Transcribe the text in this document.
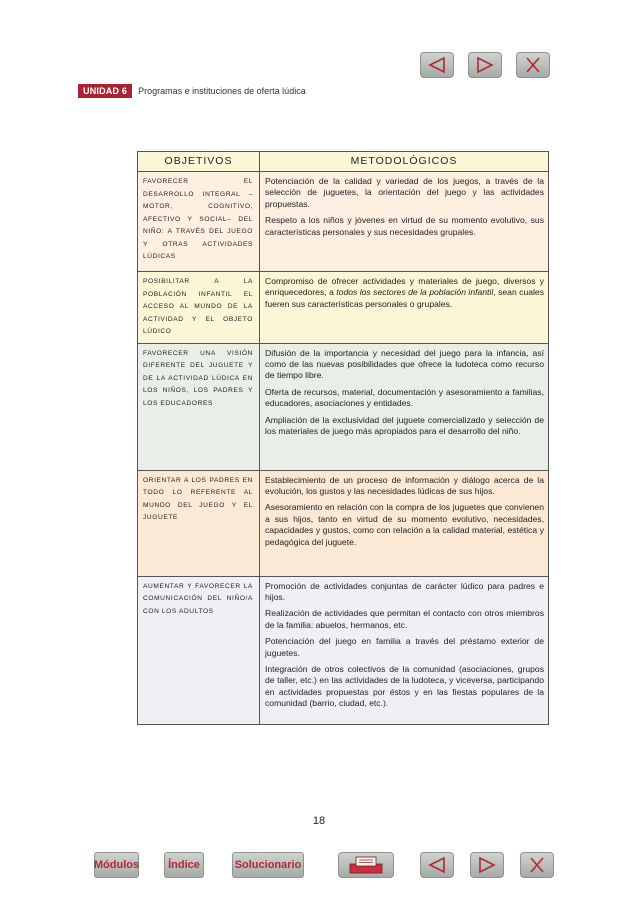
UNIDAD 6	Programas e instituciones de oferta lúdica
OBJETIVOS	METODOLÓGICOS
FAVORECER EL DESARROLLO INTEGRAL –MOTOR, COGNITIVO, AFECTIVO Y SOCIAL– DEL NIÑO: A TRAVÉS DEL JUEGO Y OTRAS ACTIVIDADES LÚDICAS	Potenciación de la calidad y variedad de los juegos, a través de la selección de juguetes, la orientación del juego y las actividades propuestas.

Respeto a los niños y jóvenes en virtud de su momento evolutivo, sus características personales y sus necesidades grupales.

POSIBILITAR A LA POBLACIÓN INFANTIL EL ACCESO AL MUNDO DE LA ACTIVIDAD Y EL OBJETO LÚDICO	Compromiso de ofrecer actividades y materiales de juego, diversos y enriquecedores, a todos los sectores de la población infantil, sean cuales fueren sus características personales o grupales.

FAVORECER UNA VISIÓN DIFERENTE DEL JUGUETE Y DE LA ACTIVIDAD LÚDICA EN LOS NIÑOS, LOS PADRES Y LOS EDUCADORES	Difusión de la importancia y necesidad del juego para la infancia, así como de las nuevas posibilidades que ofrece la ludoteca como recurso de tiempo libre.

Oferta de recursos, material, documentación y asesoramiento a familias, educadores, asociaciones y entidades.

Ampliación de la exclusividad del juguete comercializado y selección de los materiales de juego más apropiados para el desarrollo del niño.

ORIENTAR A LOS PADRES EN TODO LO REFERENTE AL MUNDO DEL JUEGO Y EL JUGUETE	Establecimiento de un proceso de información y diálogo acerca de la evolución, los gustos y las necesidades lúdicas de sus hijos.

Asesoramiento en relación con la compra de los juguetes que convienen a sus hijos, tanto en virtud de su momento evolutivo, necesidades, capacidades y gustos, como con relación a la calidad material, estética y pedagógica del juguete.

AUMENTAR Y FAVORECER LA COMUNICACIÓN DEL NIÑO/A CON LOS ADULTOS	Promoción de actividades conjuntas de carácter lúdico para padres e hijos.

Realización de actividades que permitan el contacto con otros miembros de la familia: abuelos, hermanos, etc.

Potenciación del juego en familia a través del préstamo exterior de juguetes.

Integración de otros colectivos de la comunidad (asociaciones, grupos de taller, etc.) en las actividades de la ludoteca, y viceversa, participando en actividades propuestas por éstos y en las fiestas populares de la comunidad (barrio, ciudad, etc.).

18
Módulos	Índice	Solucionario
